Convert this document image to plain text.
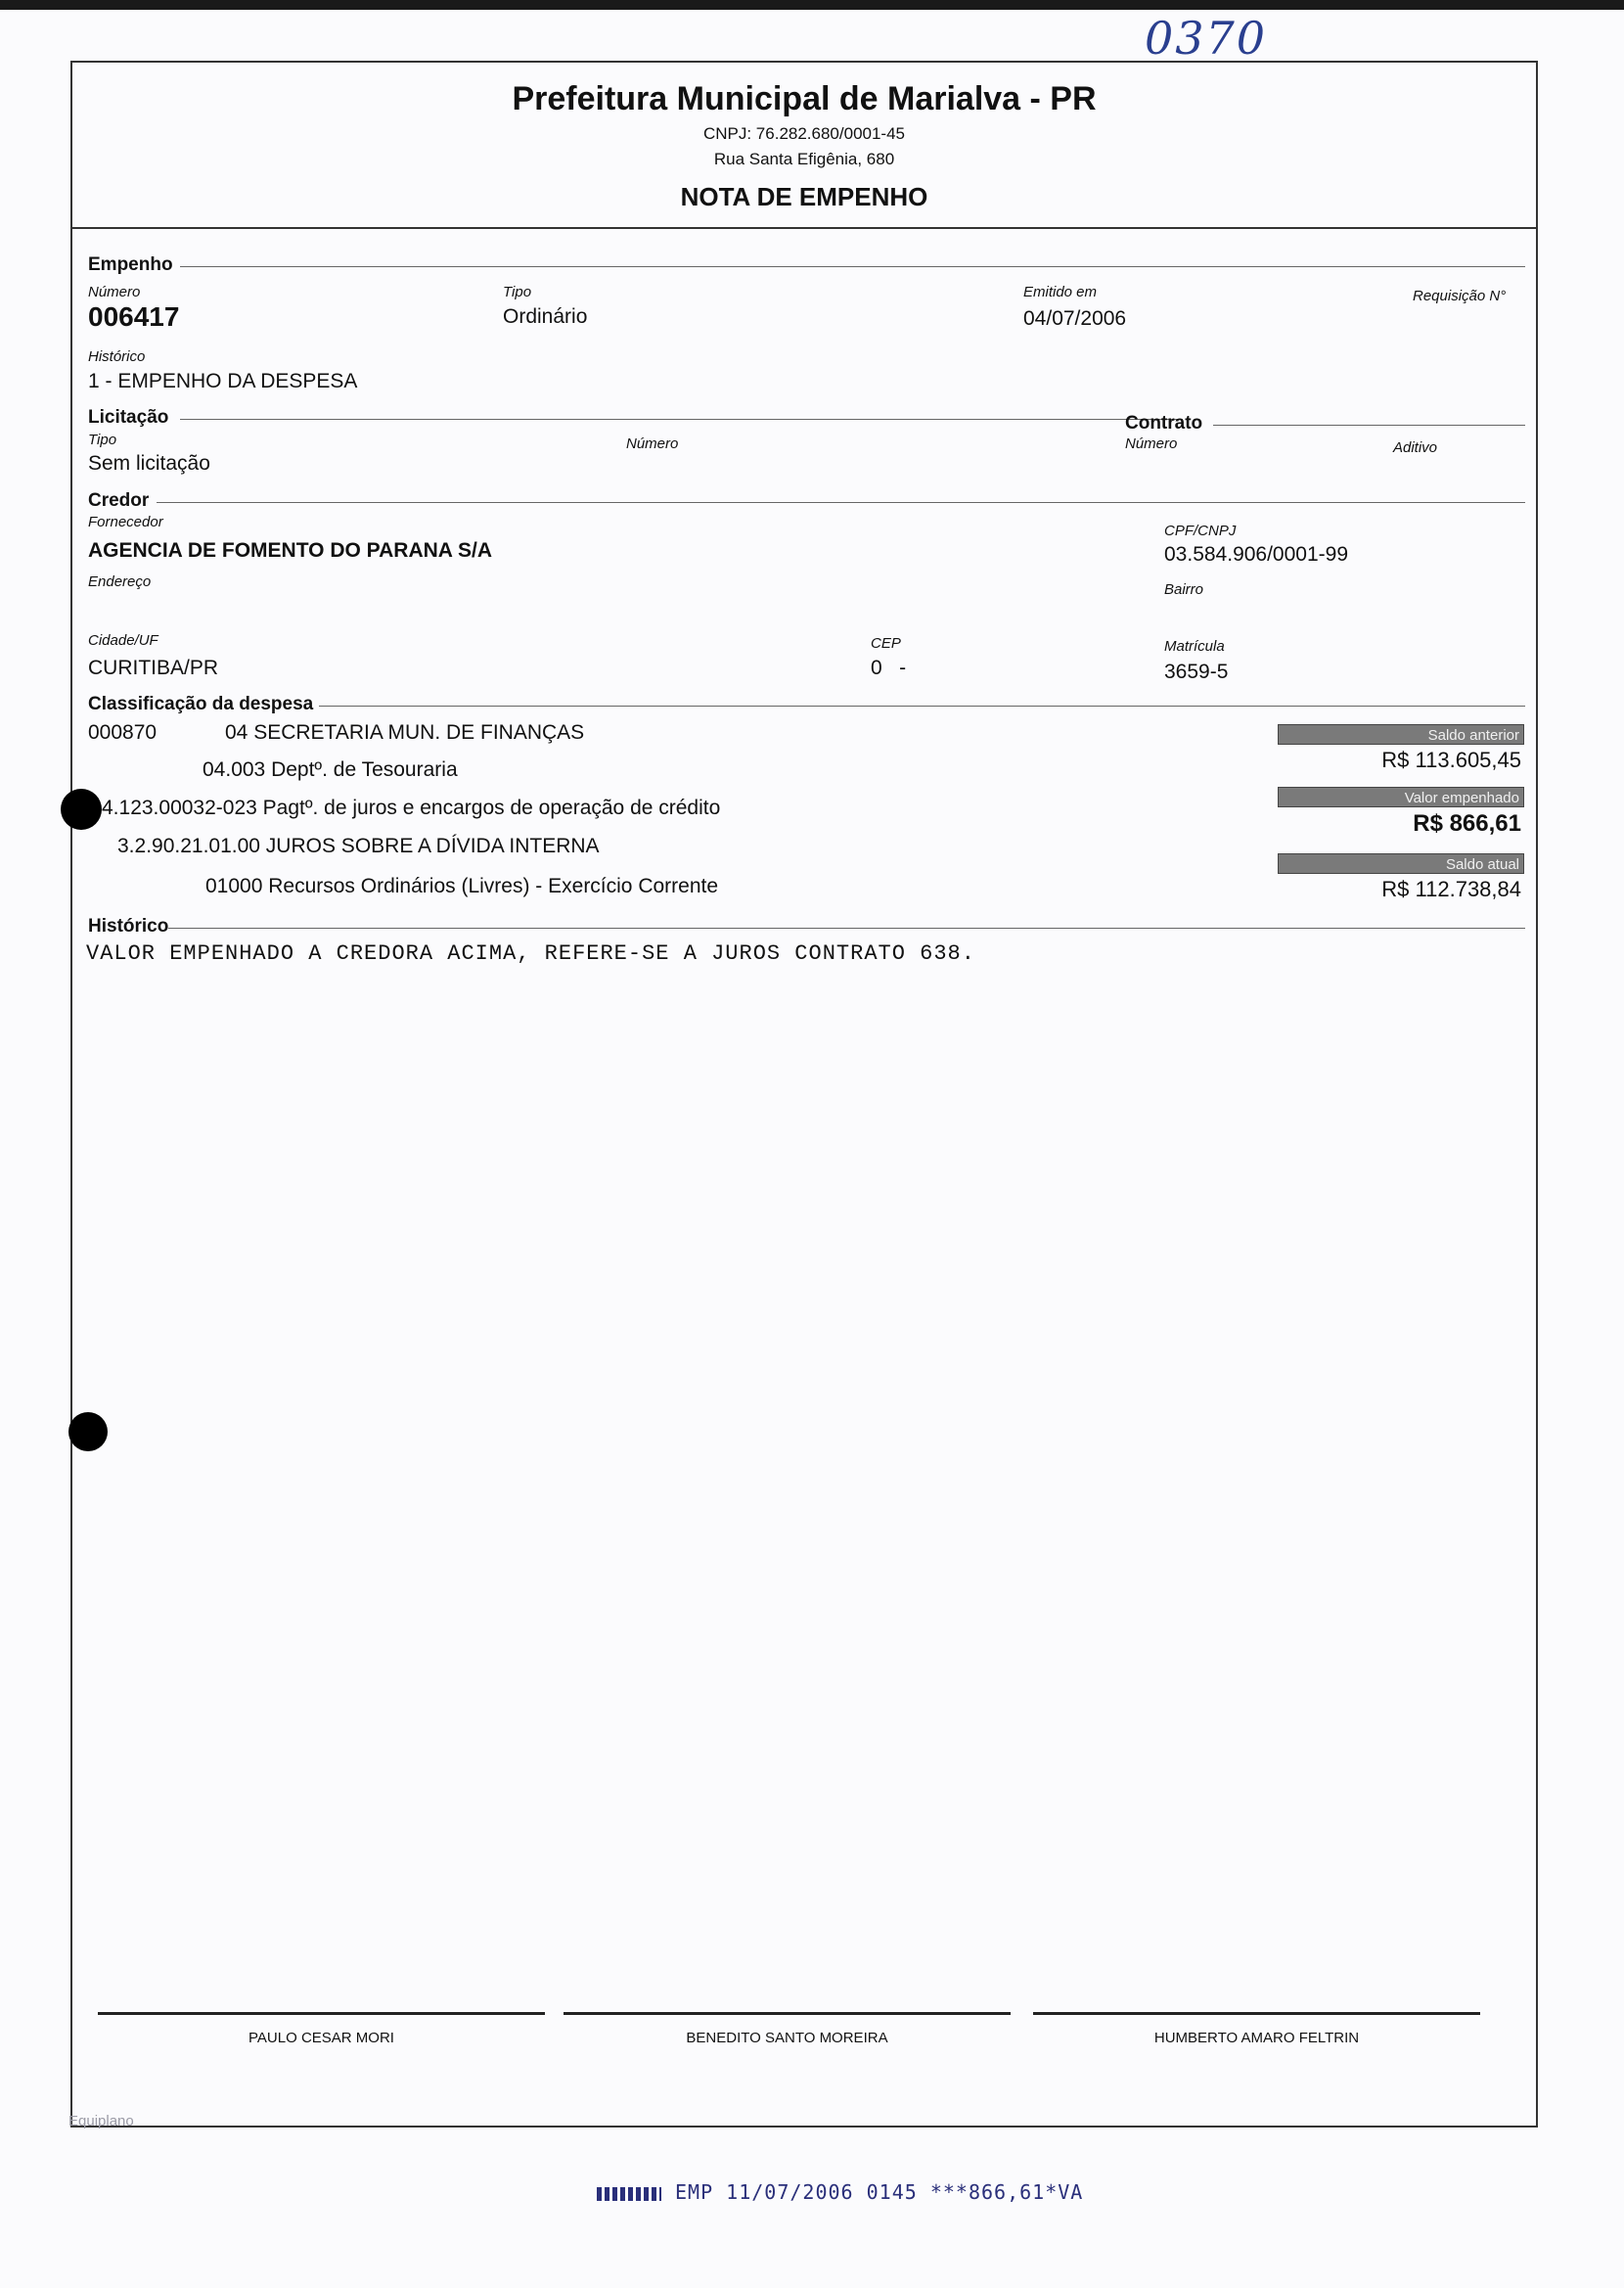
0370
Prefeitura Municipal de Marialva - PR
CNPJ: 76.282.680/0001-45
Rua Santa Efigênia, 680
NOTA DE EMPENHO
Empenho
Número
006417
Tipo
Ordinário
Emitido em
04/07/2006
Requisição N°
Histórico
1 - EMPENHO DA DESPESA
Licitação
Tipo
Sem licitação
Número
Contrato
Número	Aditivo
Credor
Fornecedor
AGENCIA DE FOMENTO DO PARANA S/A
CPF/CNPJ
03.584.906/0001-99
Endereço	Bairro
Cidade/UF
CURITIBA/PR
CEP
0   -
Matrícula
3659-5
Classificação da despesa
000870	04 SECRETARIA MUN. DE FINANÇAS
04.003 Deptº. de Tesouraria
4.123.00032-023 Pagtº. de juros e encargos de operação de crédito
3.2.90.21.01.00 JUROS SOBRE A DÍVIDA INTERNA
01000 Recursos Ordinários (Livres) - Exercício Corrente
Saldo anterior
R$ 113.605,45
Valor empenhado
R$ 866,61
Saldo atual
R$ 112.738,84
Histórico
VALOR EMPENHADO A CREDORA ACIMA, REFERE-SE A JUROS CONTRATO 638.
PAULO CESAR MORI	BENEDITO SANTO MOREIRA	HUMBERTO AMARO FELTRIN
Equiplano
EMP 11/07/2006 0145 ***866,61*VA
